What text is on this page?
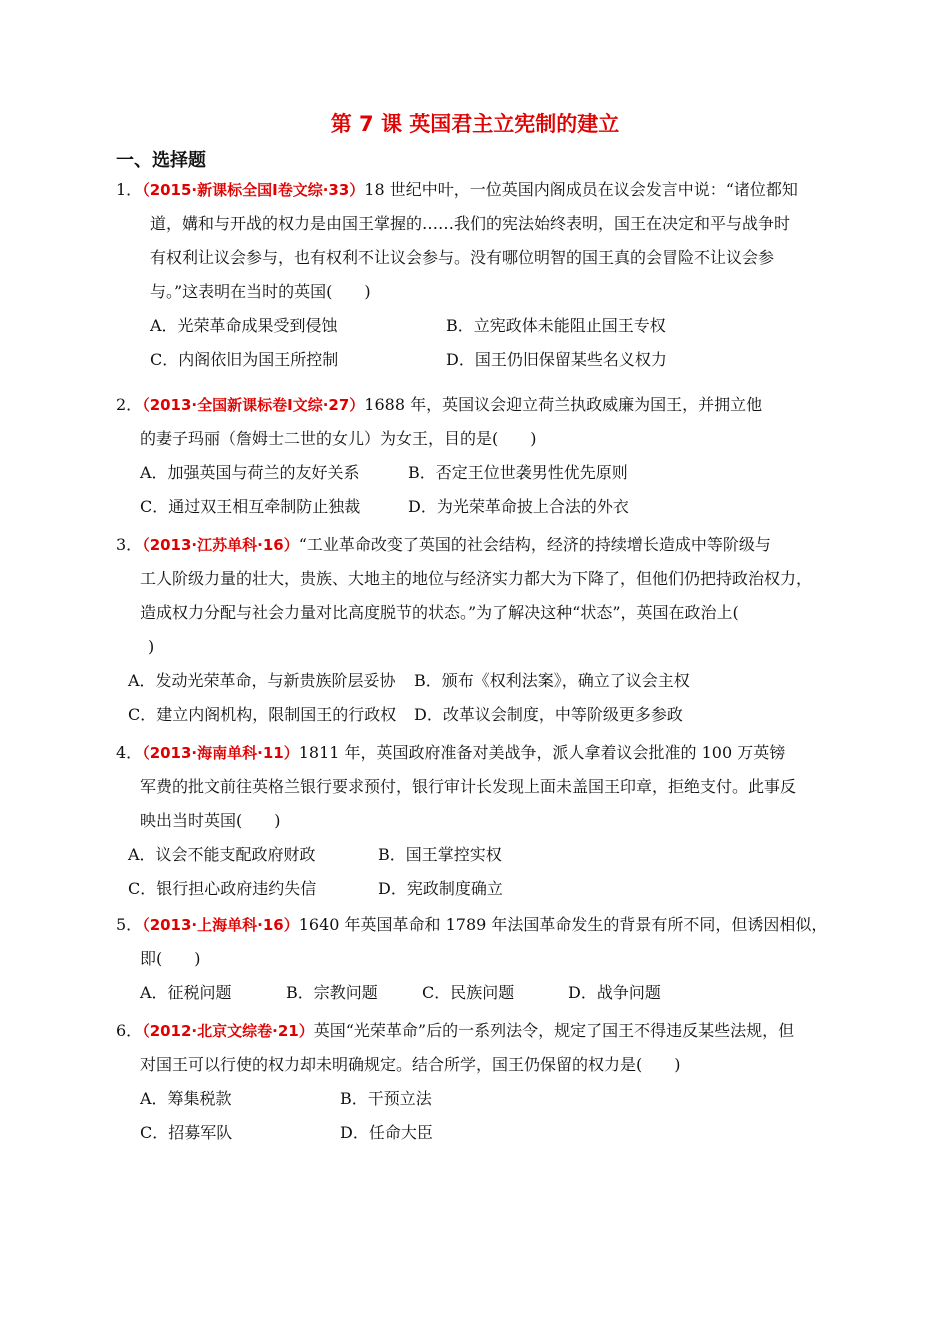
第 7 课 英国君主立宪制的建立
一、选择题
1．（2015·新课标全国Ⅰ卷文综·33）18 世纪中叶，一位英国内阁成员在议会发言中说：“诸位都知
道，媾和与开战的权力是由国王掌握的……我们的宪法始终表明，国王在决定和平与战争时
有权利让议会参与，也有权利不让议会参与。没有哪位明智的国王真的会冒险不让议会参
与。”这表明在当时的英国(　　)
A．光荣革命成果受到侵蚀	B．立宪政体未能阻止国王专权
C．内阁依旧为国王所控制	D．国王仍旧保留某些名义权力
2．（2013·全国新课标卷Ⅰ文综·27）1688 年，英国议会迎立荷兰执政威廉为国王，并拥立他
的妻子玛丽（詹姆士二世的女儿）为女王，目的是(　　)
A．加强英国与荷兰的友好关系	B．否定王位世袭男性优先原则
C．通过双王相互牵制防止独裁	D．为光荣革命披上合法的外衣
3．（2013·江苏单科·16）“工业革命改变了英国的社会结构，经济的持续增长造成中等阶级与
工人阶级力量的壮大，贵族、大地主的地位与经济实力都大为下降了，但他们仍把持政治权力，
造成权力分配与社会力量对比高度脱节的状态。”为了解决这种“状态”，英国在政治上(
)
A．发动光荣革命，与新贵族阶层妥协 B．颁布《权利法案》，确立了议会主权
C．建立内阁机构，限制国王的行政权 D．改革议会制度，中等阶级更多参政
4．（2013·海南单科·11）1811 年，英国政府准备对美战争，派人拿着议会批准的 100 万英镑
军费的批文前往英格兰银行要求预付，银行审计长发现上面未盖国王印章，拒绝支付。此事反
映出当时英国(　　)
A．议会不能支配政府财政	B．国王掌控实权
C．银行担心政府违约失信	D．宪政制度确立
5．（2013·上海单科·16）1640 年英国革命和 1789 年法国革命发生的背景有所不同，但诱因相似，
即(　　)
A．征税问题	B．宗教问题	C．民族问题	D．战争问题
6．（2012·北京文综卷·21）英国“光荣革命”后的一系列法令，规定了国王不得违反某些法规，但
对国王可以行使的权力却未明确规定。结合所学，国王仍保留的权力是(　　)
A．筹集税款	B．干预立法
C．招募军队	D．任命大臣
